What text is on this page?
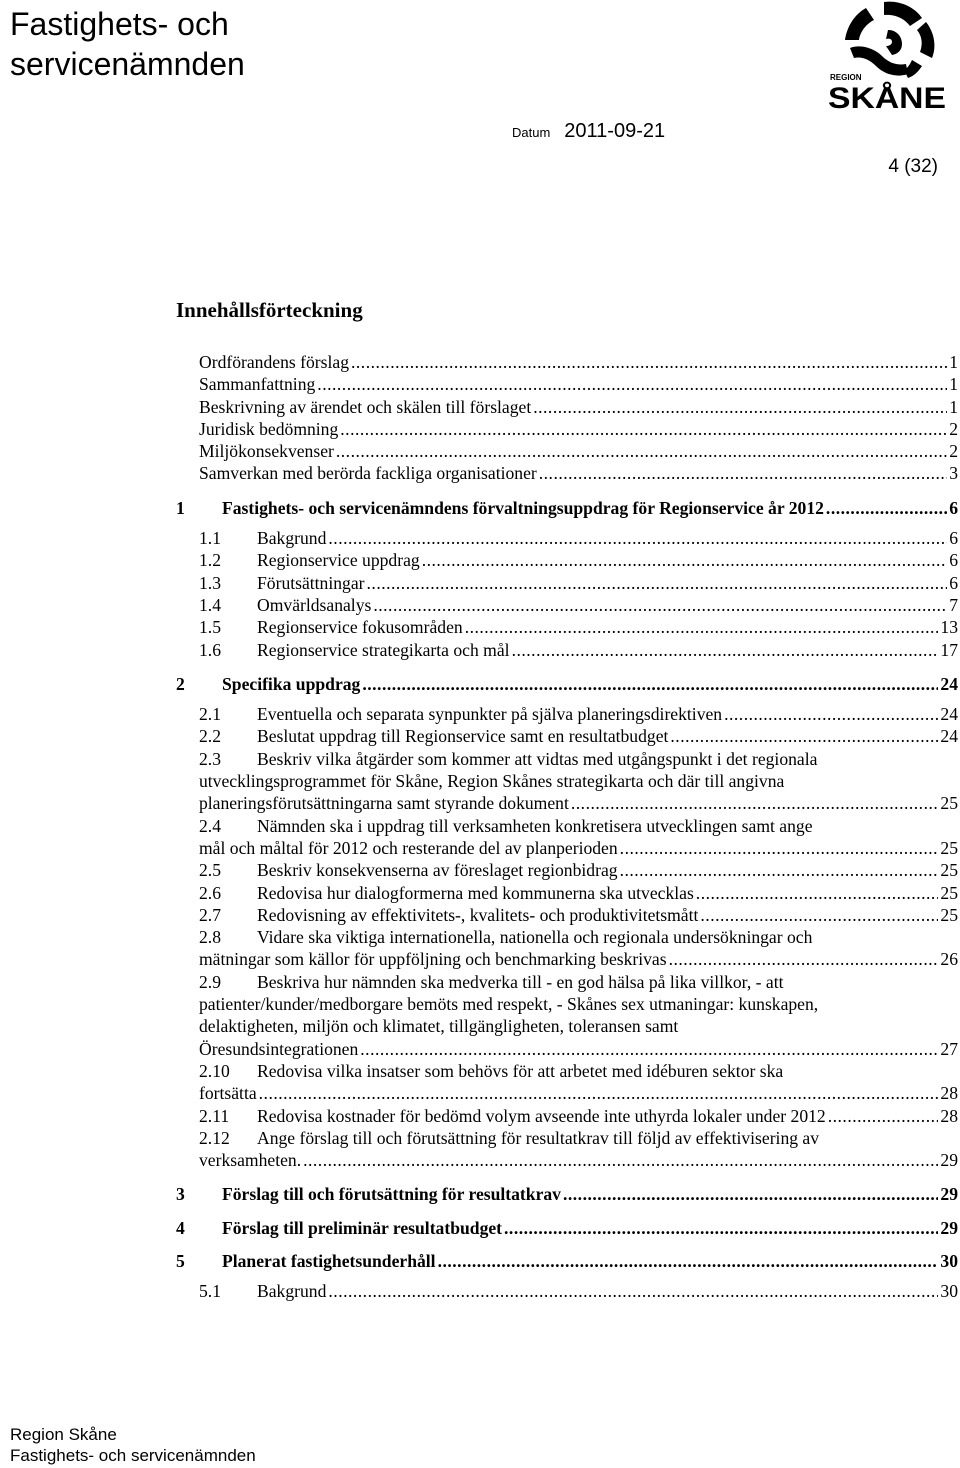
Fastighets- och servicenämnden	REGION
SKÅNE
Datum 2011-09-21
4 (32)
Innehållsförteckning
Ordförandens förslag .....	1
Sammanfattning .....	1
Beskrivning av ärendet och skälen till förslaget .....	1
Juridisk bedömning .....	2
Miljökonsekvenser .....	2
Samverkan med berörda fackliga organisationer .....	3
1	Fastighets- och servicenämndens förvaltningsuppdrag för Regionservice år 2012 .....	6
1.1	Bakgrund .....	6
1.2	Regionservice uppdrag .....	6
1.3	Förutsättningar .....	6
1.4	Omvärldsanalys .....	7
1.5	Regionservice fokusområden .....	13
1.6	Regionservice strategikarta och mål .....	17
2	Specifika uppdrag .....	24
2.1	Eventuella och separata synpunkter på själva planeringsdirektiven .....	24
2.2	Beslutat uppdrag till Regionservice samt en resultatbudget .....	24
2.3	Beskriv vilka åtgärder som kommer att vidtas med utgångspunkt i det regionala
utvecklingsprogrammet för Skåne, Region Skånes strategikarta och där till angivna
planeringsförutsättningarna samt styrande dokument .....	25
2.4	Nämnden ska i uppdrag till verksamheten konkretisera utvecklingen samt ange
mål och måltal för 2012 och resterande del av planperioden .....	25
2.5	Beskriv konsekvenserna av föreslaget regionbidrag .....	25
2.6	Redovisa hur dialogformerna med kommunerna ska utvecklas .....	25
2.7	Redovisning av effektivitets-, kvalitets- och produktivitetsmått .....	25
2.8	Vidare ska viktiga internationella, nationella och regionala undersökningar och
mätningar som källor för uppföljning och benchmarking beskrivas .....	26
2.9	Beskriva hur nämnden ska medverka till - en god hälsa på lika villkor, - att
patienter/kunder/medborgare bemöts med respekt, - Skånes sex utmaningar: kunskapen,
delaktigheten, miljön och klimatet, tillgängligheten, toleransen samt
Öresundsintegrationen .....	27
2.10	Redovisa vilka insatser som behövs för att arbetet med idéburen sektor ska
fortsätta .....	28
2.11	Redovisa kostnader för bedömd volym avseende inte uthyrda lokaler under 2012 .....	28
2.12	Ange förslag till och förutsättning för resultatkrav till följd av effektivisering av
verksamheten. .....	29
3	Förslag till och förutsättning för resultatkrav .....	29
4	Förslag till preliminär resultatbudget .....	29
5	Planerat fastighetsunderhåll .....	30
5.1	Bakgrund .....	30
Region Skåne
Fastighets- och servicenämnden
